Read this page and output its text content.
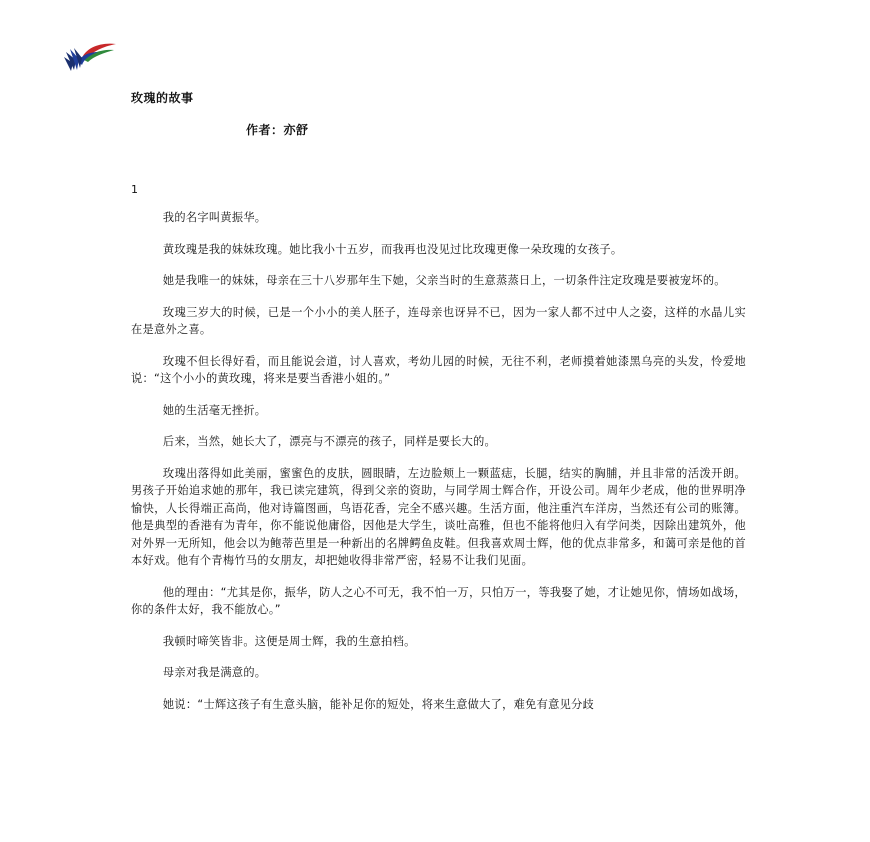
玫瑰的故事
作者：亦舒
1

我的名字叫黄振华。

黄玫瑰是我的妹妹玫瑰。她比我小十五岁，而我再也没见过比玫瑰更像一朵玫瑰的女孩子。

她是我唯一的妹妹，母亲在三十八岁那年生下她，父亲当时的生意蒸蒸日上，一切条件注定玫瑰是要被宠坏的。

玫瑰三岁大的时候，已是一个小小的美人胚子，连母亲也讶异不已，因为一家人都不过中人之姿，这样的水晶儿实在是意外之喜。

玫瑰不但长得好看，而且能说会道，讨人喜欢，考幼儿园的时候，无往不利，老师摸着她漆黑乌亮的头发，怜爱地说：“这个小小的黄玫瑰，将来是要当香港小姐的。”

她的生活毫无挫折。

后来，当然，她长大了，漂亮与不漂亮的孩子，同样是要长大的。

玫瑰出落得如此美丽，蜜蜜色的皮肤，圆眼睛，左边脸颊上一颗蓝痣，长腿，结实的胸脯，并且非常的活泼开朗。男孩子开始追求她的那年，我已读完建筑，得到父亲的资助，与同学周士辉合作，开设公司。周年少老成，他的世界明净愉快，人长得端正高尚，他对诗篇图画，鸟语花香，完全不感兴趣。生活方面，他注重汽车洋房，当然还有公司的账簿。他是典型的香港有为青年，你不能说他庸俗，因他是大学生，谈吐高雅，但也不能将他归入有学问类，因除出建筑外，他对外界一无所知，他会以为鲍蒂芭里是一种新出的名牌鳄鱼皮鞋。但我喜欢周士辉，他的优点非常多，和蔼可亲是他的首本好戏。他有个青梅竹马的女朋友，却把她收得非常严密，轻易不让我们见面。

他的理由：“尤其是你，振华，防人之心不可无，我不怕一万，只怕万一，等我娶了她，才让她见你，情场如战场，你的条件太好，我不能放心。”

我顿时啼笑皆非。这便是周士辉，我的生意拍档。

母亲对我是满意的。

她说：“士辉这孩子有生意头脑，能补足你的短处，将来生意做大了，难免有意见分歧
